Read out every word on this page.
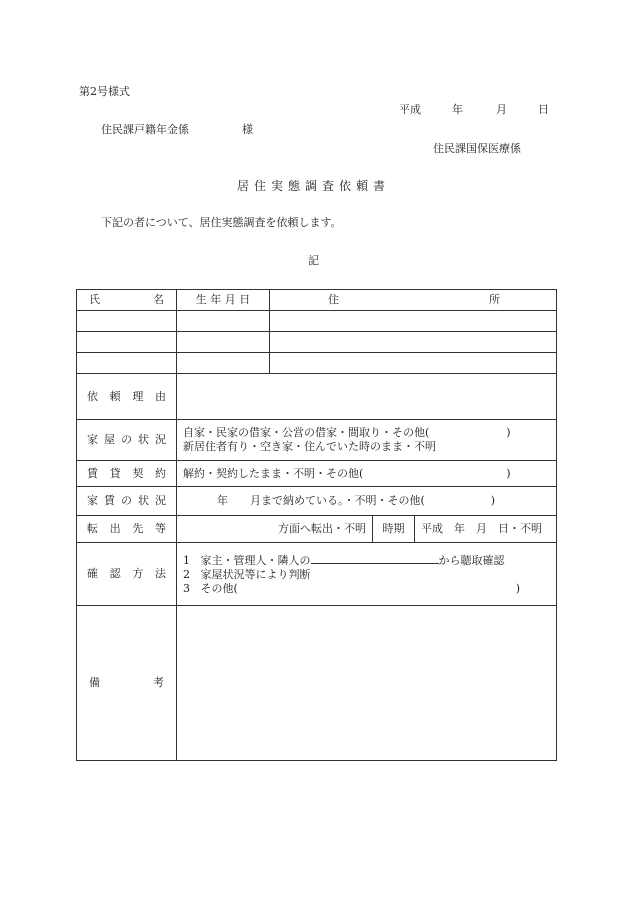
第2号様式
平成	年	月	日
住民課戸籍年金係	様
住民課国保医療係
居住実態調査依頼書
下記の者について、居住実態調査を依頼します。
記
氏 名	生 年 月 日	住 所		

依頼理由				
家屋の状況	自家・民家の借家・公営の借家・間取り・その他(　　　　　　　)
新居住者有り・空き家・住んでいた時のまま・不明			

賃貸契約	解約・契約したまま・不明・その他(　　　　　　　　　　　　　)			
家賃の状況	年　　月まで納めている。・不明・その他(　　　　　　)			
転出先等	方面へ転出・不明		時期	平成　年　月　日・不明
確認方法	1 家主・管理人・隣人の から聴取確認
2 家屋状況等により判断
3 その他( )			

備 考				
